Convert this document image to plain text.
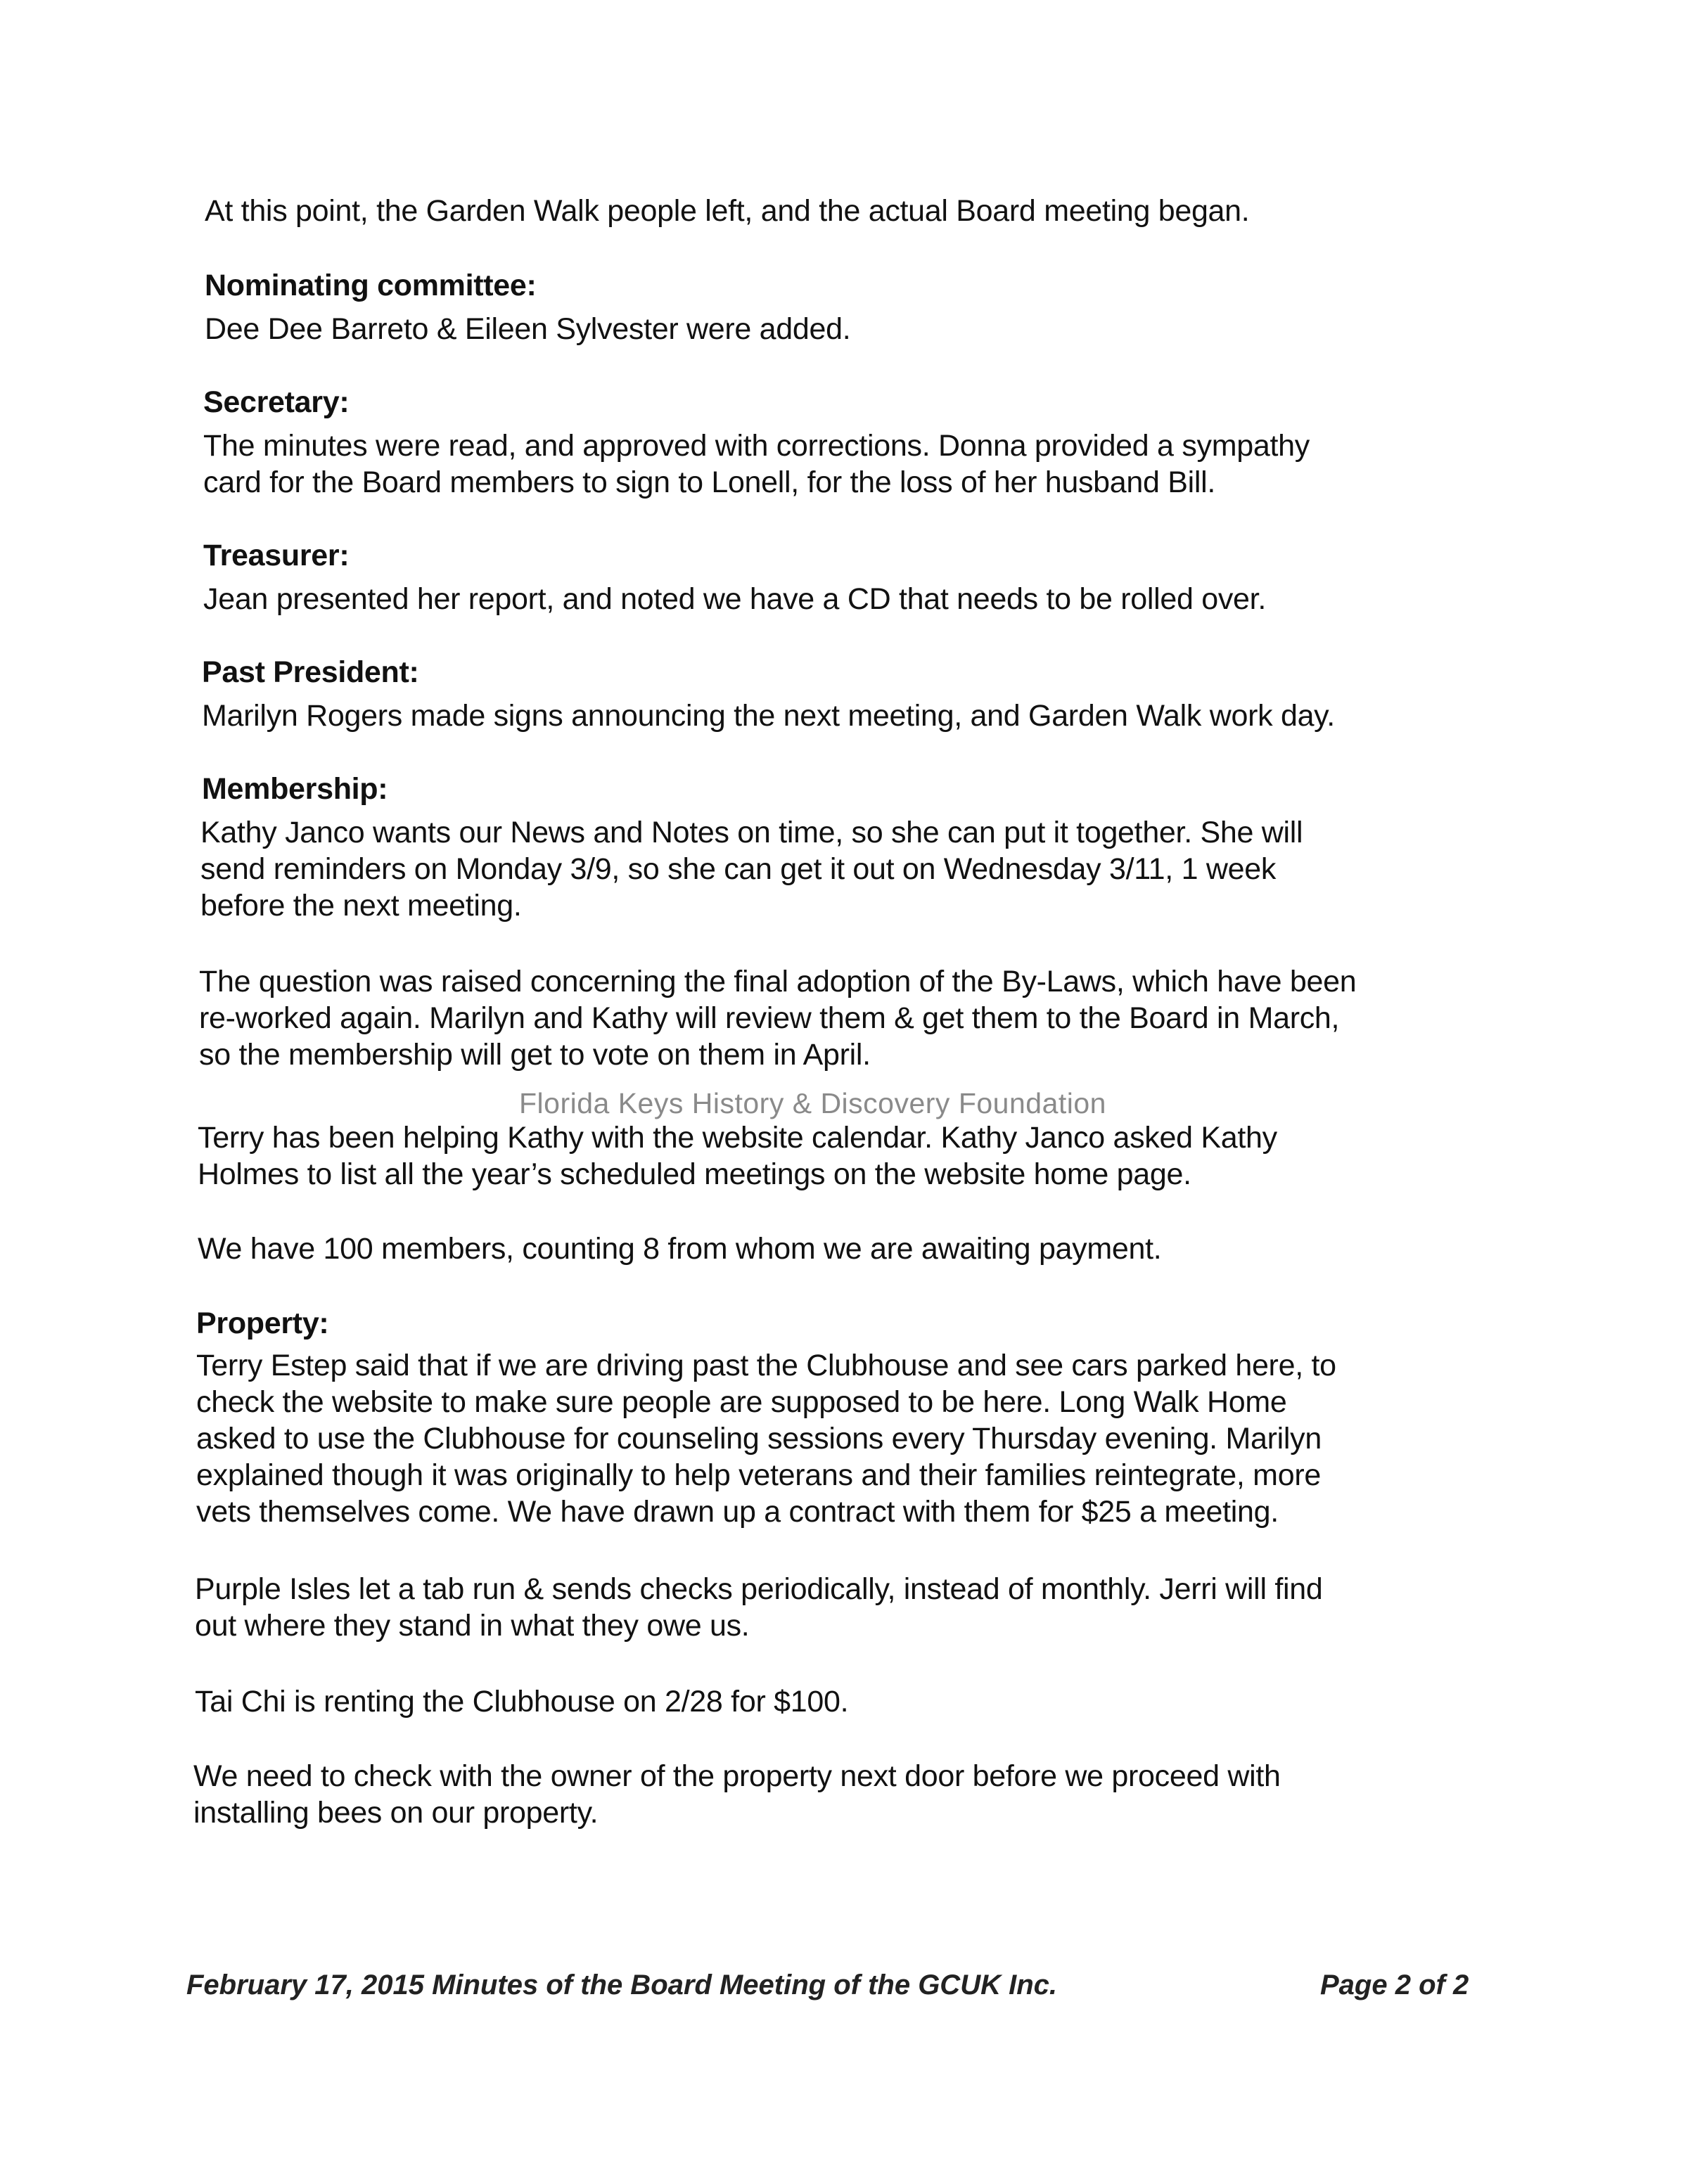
At this point, the Garden Walk people left, and the actual Board meeting began.
Nominating committee:
Dee Dee Barreto & Eileen Sylvester were added.
Secretary:
The minutes were read, and approved with corrections. Donna provided a sympathy
card for the Board members to sign to Lonell, for the loss of her husband Bill.
Treasurer:
Jean presented her report, and noted we have a CD that needs to be rolled over.
Past President:
Marilyn Rogers made signs announcing the next meeting, and Garden Walk work day.
Membership:
Kathy Janco wants our News and Notes on time, so she can put it together. She will
send reminders on Monday 3/9, so she can get it out on Wednesday 3/11, 1 week
before the next meeting.
The question was raised concerning the final adoption of the By-Laws, which have been
re-worked again. Marilyn and Kathy will review them & get them to the Board in March,
so the membership will get to vote on them in April.
Florida Keys History & Discovery Foundation
Terry has been helping Kathy with the website calendar. Kathy Janco asked Kathy
Holmes to list all the year’s scheduled meetings on the website home page.
We have 100 members, counting 8 from whom we are awaiting payment.
Property:
Terry Estep said that if we are driving past the Clubhouse and see cars parked here, to
check the website to make sure people are supposed to be here. Long Walk Home
asked to use the Clubhouse for counseling sessions every Thursday evening. Marilyn
explained though it was originally to help veterans and their families reintegrate, more
vets themselves come. We have drawn up a contract with them for $25 a meeting.
Purple Isles let a tab run & sends checks periodically, instead of monthly. Jerri will find
out where they stand in what they owe us.
Tai Chi is renting the Clubhouse on 2/28 for $100.
We need to check with the owner of the property next door before we proceed with
installing bees on our property.
February 17, 2015 Minutes of the Board Meeting of the GCUK Inc.	Page 2 of 2
